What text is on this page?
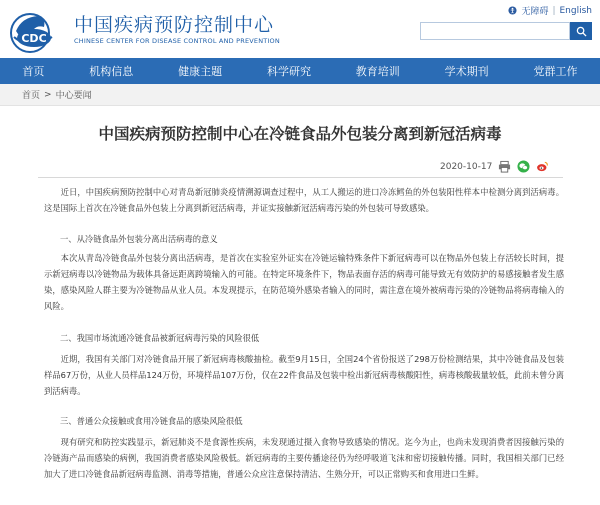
CDC
中国疾病预防控制中心
CHINESE CENTER FOR DISEASE CONTROL AND PREVENTION
无障碍 | English
首页	机构信息	健康主题	科学研究	教育培训	学术期刊	党群工作
首页 > 中心要闻
中国疾病预防控制中心在冷链食品外包装分离到新冠活病毒
2020-10-17

近日，中国疾病预防控制中心对青岛新冠肺炎疫情溯源调查过程中，从工人搬运的进口冷冻鳕鱼的外包装阳性样本中检测分离到活病毒。这是国际上首次在冷链食品外包装上分离到新冠活病毒，并证实接触新冠活病毒污染的外包装可导致感染。

一、从冷链食品外包装分离出活病毒的意义

本次从青岛冷链食品外包装分离出活病毒，是首次在实验室外证实在冷链运输特殊条件下新冠病毒可以在物品外包装上存活较长时间，提示新冠病毒以冷链物品为载体具备远距离跨境输入的可能。在特定环境条件下，物品表面存活的病毒可能导致无有效防护的易感接触者发生感染，感染风险人群主要为冷链物品从业人员。本发现提示，在防范境外感染者输入的同时，需注意在境外被病毒污染的冷链物品将病毒输入的风险。

二、我国市场流通冷链食品被新冠病毒污染的风险很低

近期，我国有关部门对冷链食品开展了新冠病毒核酸抽检。截至9月15日，全国24个省份报送了298万份检测结果，其中冷链食品及包装样品67万份，从业人员样品124万份，环境样品107万份，仅在22件食品及包装中检出新冠病毒核酸阳性，病毒核酸载量较低，此前未曾分离到活病毒。

三、普通公众接触或食用冷链食品的感染风险很低

现有研究和防控实践显示，新冠肺炎不是食源性疾病，未发现通过摄入食物导致感染的情况。迄今为止，也尚未发现消费者因接触污染的冷链海产品而感染的病例，我国消费者感染风险极低。新冠病毒的主要传播途径仍为经呼吸道飞沫和密切接触传播。同时，我国相关部门已经加大了进口冷链食品新冠病毒监测、消毒等措施，普通公众应注意保持清洁、生熟分开，可以正常购买和食用进口生鲜。
